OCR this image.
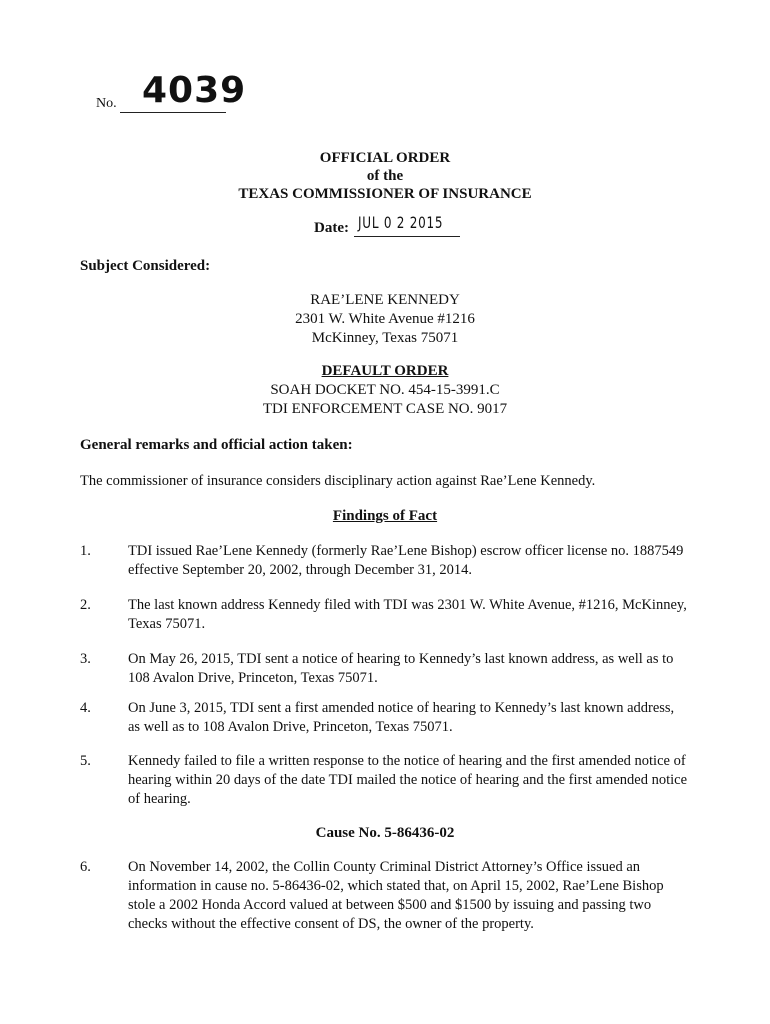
No. 4039
OFFICIAL ORDER
of the
TEXAS COMMISSIONER OF INSURANCE
Date: JUL 0 2 2015
Subject Considered:
RAE’LENE KENNEDY
2301 W. White Avenue #1216
McKinney, Texas 75071
DEFAULT ORDER
SOAH DOCKET NO. 454-15-3991.C
TDI ENFORCEMENT CASE NO. 9017
General remarks and official action taken:
The commissioner of insurance considers disciplinary action against Rae’Lene Kennedy.
Findings of Fact
1.	TDI issued Rae’Lene Kennedy (formerly Rae’Lene Bishop) escrow officer license no. 1887549 effective September 20, 2002, through December 31, 2014.
2.	The last known address Kennedy filed with TDI was 2301 W. White Avenue, #1216, McKinney, Texas 75071.
3.	On May 26, 2015, TDI sent a notice of hearing to Kennedy’s last known address, as well as to 108 Avalon Drive, Princeton, Texas 75071.
4.	On June 3, 2015, TDI sent a first amended notice of hearing to Kennedy’s last known address, as well as to 108 Avalon Drive, Princeton, Texas 75071.
5.	Kennedy failed to file a written response to the notice of hearing and the first amended notice of hearing within 20 days of the date TDI mailed the notice of hearing and the first amended notice of hearing.
Cause No. 5-86436-02
6.	On November 14, 2002, the Collin County Criminal District Attorney’s Office issued an information in cause no. 5-86436-02, which stated that, on April 15, 2002, Rae’Lene Bishop stole a 2002 Honda Accord valued at between $500 and $1500 by issuing and passing two checks without the effective consent of DS, the owner of the property.
